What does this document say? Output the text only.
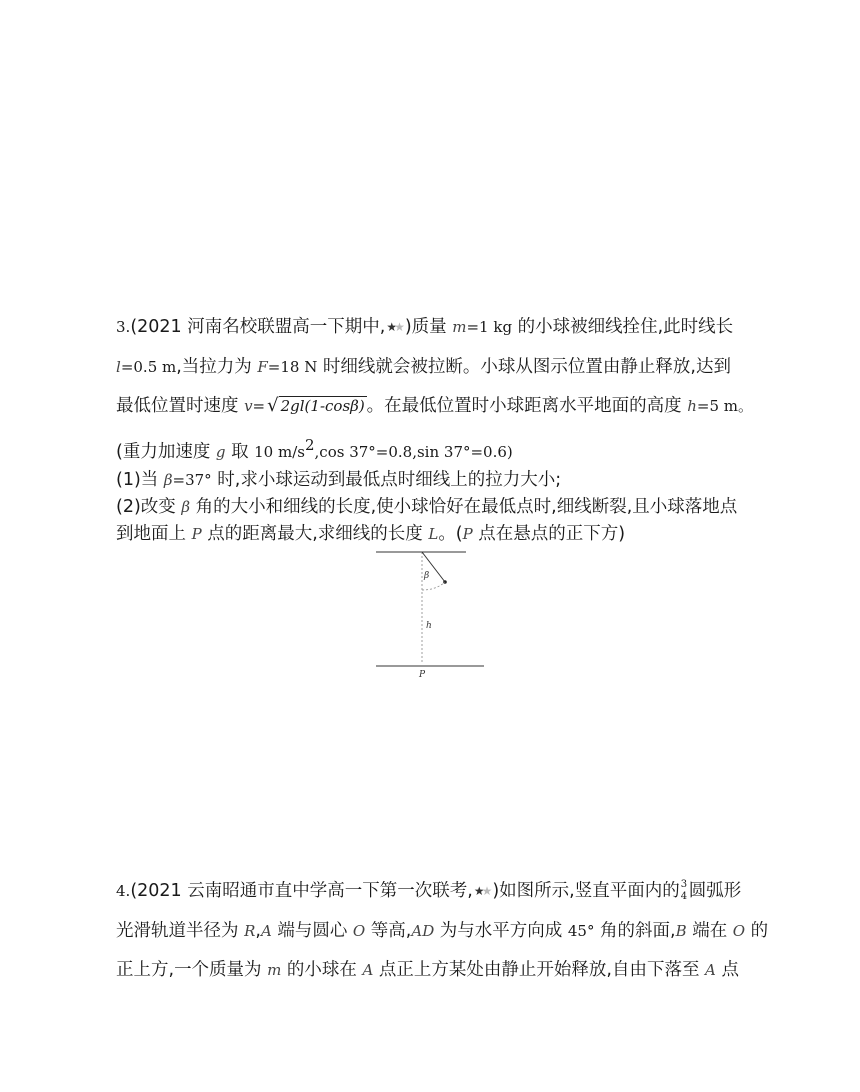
3.(2021 河南名校联盟高一下期中,★★ )质量 m=1 kg 的小球被细线拴住,此时线长
l=0.5 m,当拉力为 F=18 N 时细线就会被拉断。小球从图示位置由静止释放,达到
最低位置时速度 v= √ 2gl(1-cosβ) 。在最低位置时小球距离水平地面的高度 h=5 m。
(重力加速度 g 取 10 $m/s^2,\cos$ 37°=0.8,sin 37°=0.6)
(1)当 β=37° 时,求小球运动到最低点时细线上的拉力大小;
(2)改变 β 角的大小和细线的长度,使小球恰好在最低点时,细线断裂,且小球落地点
到地面上 P 点的距离最大,求细线的长度 L。(P 点在悬点的正下方)
β
h
P
4.(2021 云南昭通市直中学高一下第一次联考,★★ )如图所示,竖直平面内的 3
4 圆弧形
光滑轨道半径为 R,A 端与圆心 O 等高,AD 为与水平方向成 45° 角的斜面,B 端在 O 的
正上方,一个质量为 m 的小球在 A 点正上方某处由静止开始释放,自由下落至 A 点
